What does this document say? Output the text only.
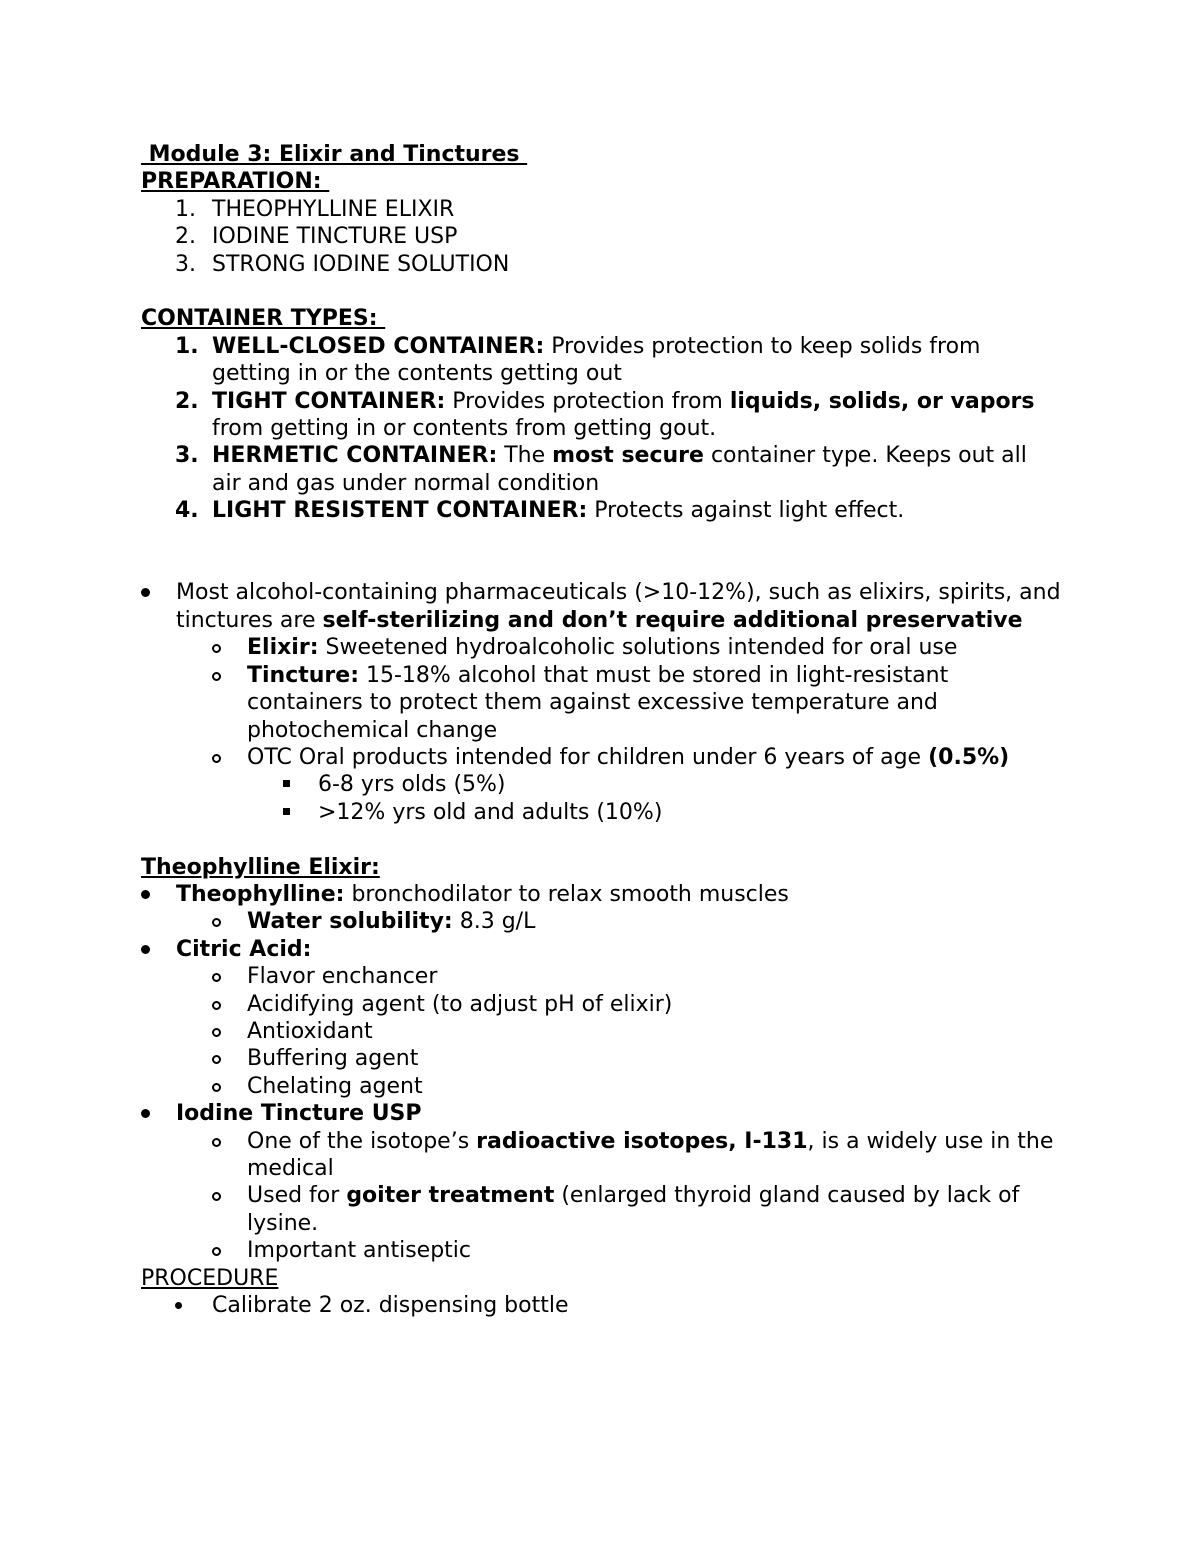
Module 3: Elixir and Tinctures
PREPARATION:
1. THEOPHYLLINE ELIXIR
2. IODINE TINCTURE USP
3. STRONG IODINE SOLUTION
CONTAINER TYPES:
1. WELL-CLOSED CONTAINER: Provides protection to keep solids from getting in or the contents getting out
2. TIGHT CONTAINER: Provides protection from liquids, solids, or vapors from getting in or contents from getting gout.
3. HERMETIC CONTAINER: The most secure container type. Keeps out all air and gas under normal condition
4. LIGHT RESISTENT CONTAINER: Protects against light effect.
Most alcohol-containing pharmaceuticals (>10-12%), such as elixirs, spirits, and tinctures are self-sterilizing and don’t require additional preservative
Elixir: Sweetened hydroalcoholic solutions intended for oral use
Tincture: 15-18% alcohol that must be stored in light-resistant containers to protect them against excessive temperature and photochemical change
OTC Oral products intended for children under 6 years of age (0.5%)
6-8 yrs olds (5%)
>12% yrs old and adults (10%)
Theophylline Elixir:
Theophylline: bronchodilator to relax smooth muscles
Water solubility: 8.3 g/L
Citric Acid:
Flavor enchancer
Acidifying agent (to adjust pH of elixir)
Antioxidant
Buffering agent
Chelating agent
Iodine Tincture USP
One of the isotope’s radioactive isotopes, I-131, is a widely use in the medical
Used for goiter treatment (enlarged thyroid gland caused by lack of lysine.
Important antiseptic
PROCEDURE
Calibrate 2 oz. dispensing bottle
